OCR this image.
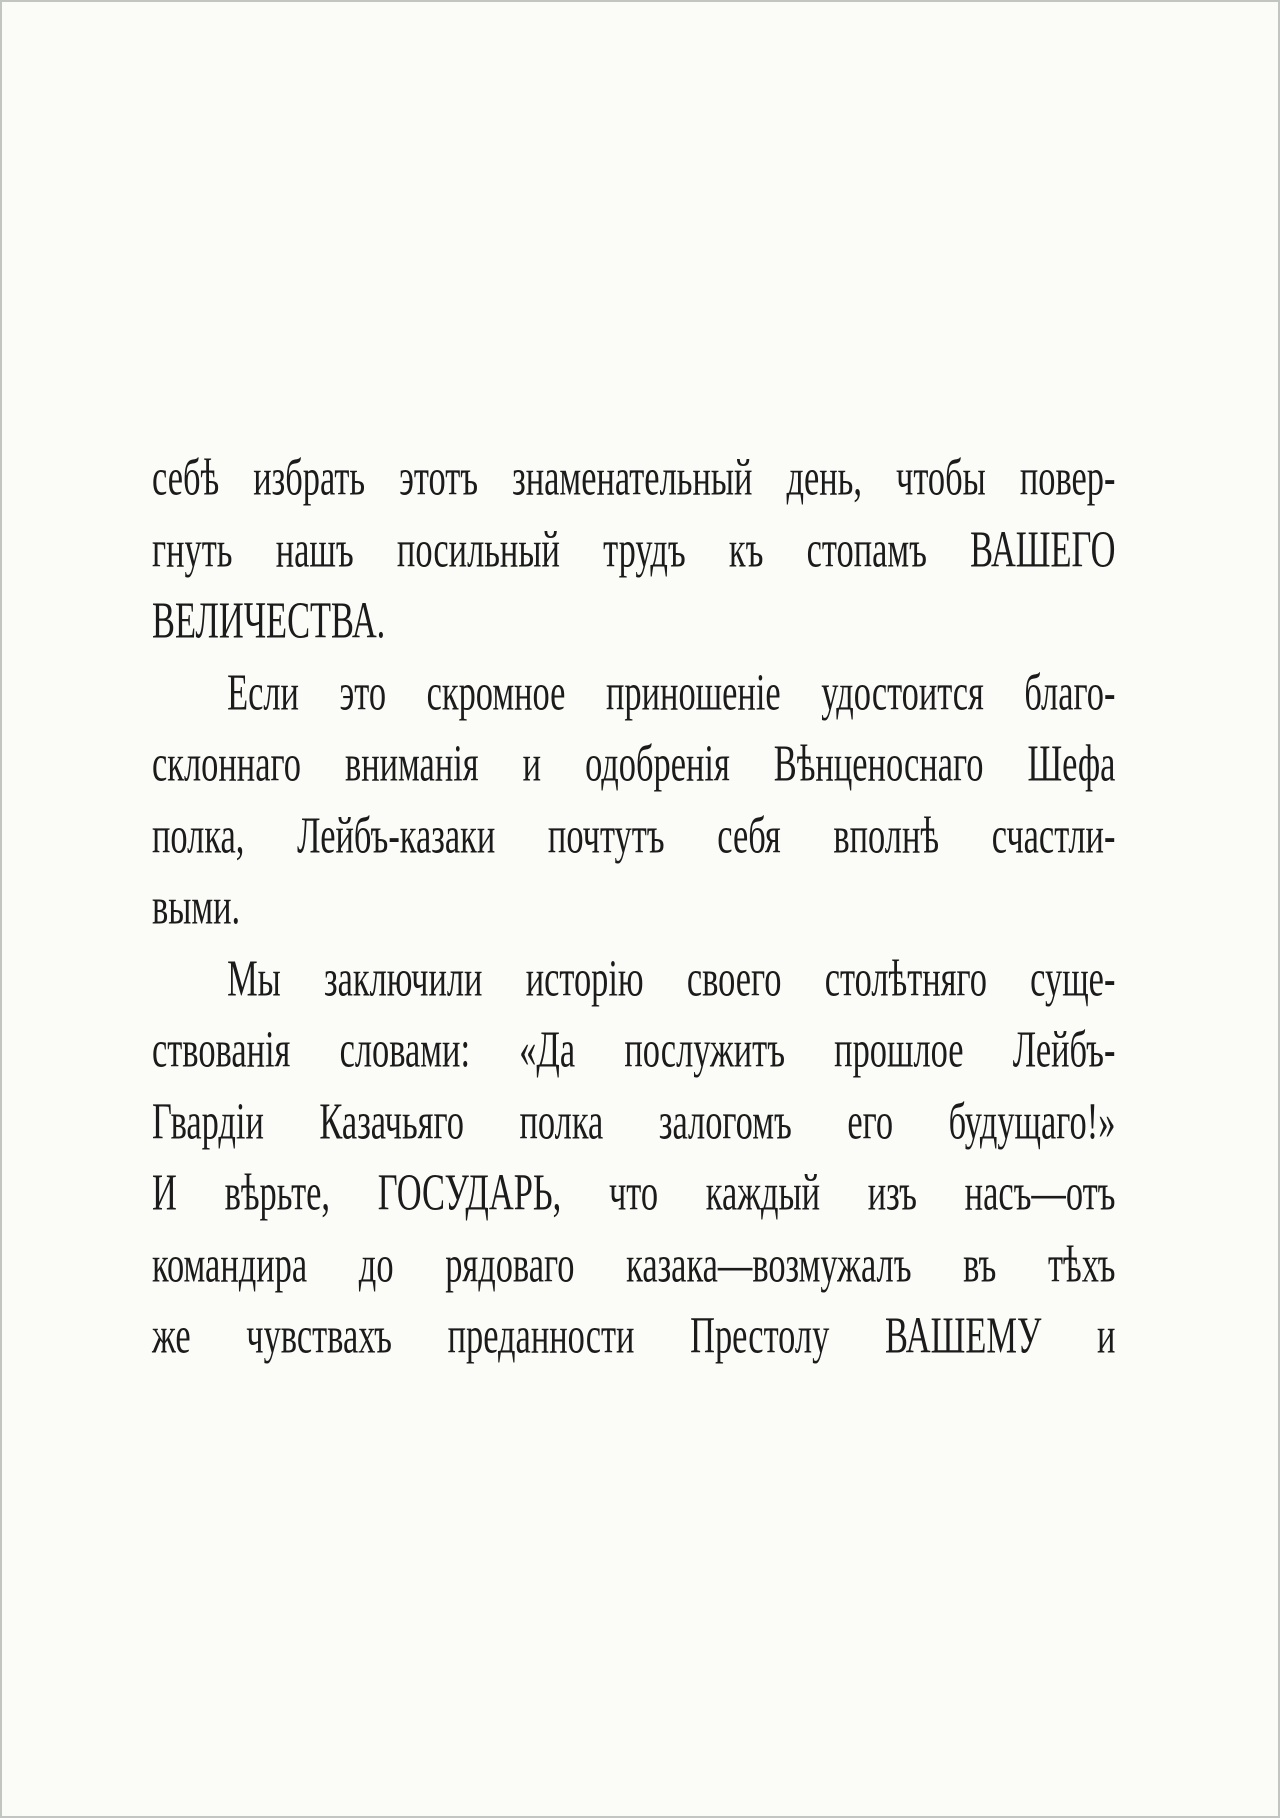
себѣ избрать этотъ знаменательный день, чтобы повер-

гнуть нашъ посильный трудъ къ стопамъ ВАШЕГО

ВЕЛИЧЕСТВА.

Если это скромное приношеніе удостоится благо-

склоннаго вниманія и одобренія Вѣнценоснаго Шефа

полка, Лейбъ-казаки почтутъ себя вполнѣ счастли-

выми.

Мы заключили исторію своего столѣтняго суще-

ствованія словами: «Да послужитъ прошлое Лейбъ-

Гвардіи Казачьяго полка залогомъ его будущаго!»

И вѣрьте, ГОСУДАРЬ, что каждый изъ насъ—отъ

командира до рядоваго казака—возмужалъ въ тѣхъ

же чувствахъ преданности Престолу ВАШЕМУ и
